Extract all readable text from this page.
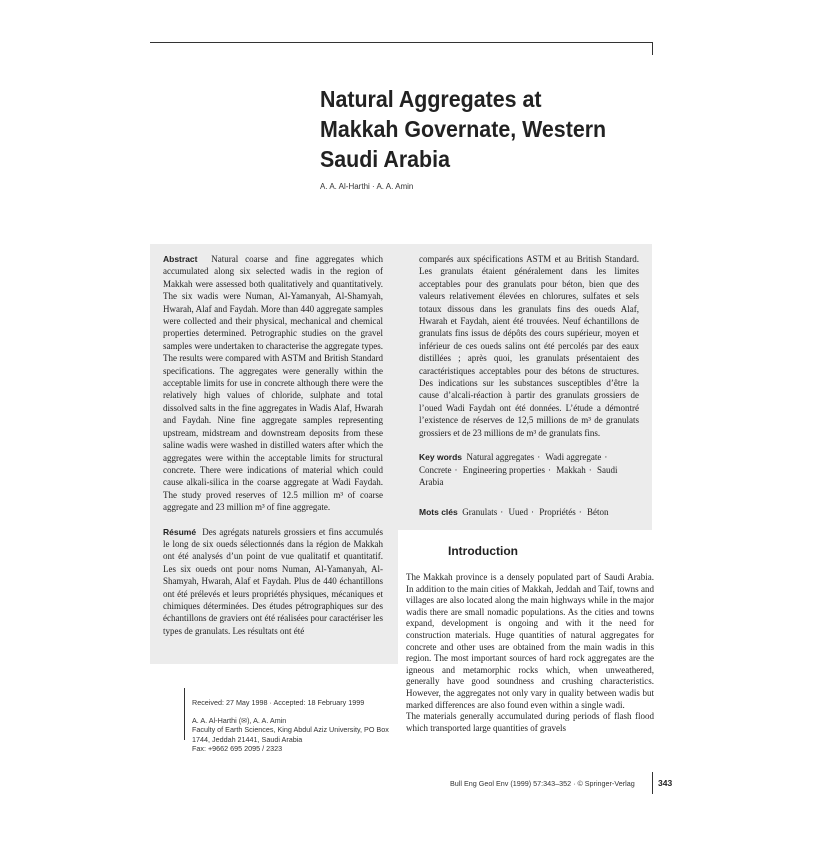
Natural Aggregates at
Makkah Governate, Western
Saudi Arabia
A. A. Al-Harthi · A. A. Amin

Abstract Natural coarse and fine aggregates which accumulated along six selected wadis in the region of Makkah were assessed both qualitatively and quantitatively. The six wadis were Numan, Al-Yamanyah, Al-Shamyah, Hwarah, Alaf and Faydah. More than 440 aggregate samples were collected and their physical, mechanical and chemical properties determined. Petrographic studies on the gravel samples were undertaken to characterise the aggregate types. The results were compared with ASTM and British Standard specifications. The aggregates were generally within the acceptable limits for use in concrete although there were the relatively high values of chloride, sulphate and total dissolved salts in the fine aggregates in Wadis Alaf, Hwarah and Faydah. Nine fine aggregate samples representing upstream, midstream and downstream deposits from these saline wadis were washed in distilled waters after which the aggregates were within the acceptable limits for structural concrete. There were indications of material which could cause alkali-silica in the coarse aggregate at Wadi Faydah. The study proved reserves of 12.5 million m³ of coarse aggregate and 23 million m³ of fine aggregate.

Résumé Des agrégats naturels grossiers et fins accumulés le long de six oueds sélectionnés dans la région de Makkah ont été analysés d’un point de vue qualitatif et quantitatif. Les six oueds ont pour noms Numan, Al-Yamanyah, Al-Shamyah, Hwarah, Alaf et Faydah. Plus de 440 échantillons ont été prélevés et leurs propriétés physiques, mécaniques et chimiques déterminées. Des études pétrographiques sur des échantillons de graviers ont été réalisées pour caractériser les types de granulats. Les résultats ont été

comparés aux spécifications ASTM et au British Standard. Les granulats étaient généralement dans les limites acceptables pour des granulats pour béton, bien que des valeurs relativement élevées en chlorures, sulfates et sels totaux dissous dans les granulats fins des oueds Alaf, Hwarah et Faydah, aient été trouvées. Neuf échantillons de granulats fins issus de dépôts des cours supérieur, moyen et inférieur de ces oueds salins ont été percolés par des eaux distillées ; après quoi, les granulats présentaient des caractéristiques acceptables pour des bétons de structures. Des indications sur les substances susceptibles d’être la cause d’alcali-réaction à partir des granulats grossiers de l’oued Wadi Faydah ont été données. L’étude a démontré l’existence de réserves de 12,5 millions de m³ de granulats grossiers et de 23 millions de m³ de granulats fins.

Key words Natural aggregates · Wadi aggregate · Concrete · Engineering properties · Makkah · Saudi Arabia
Mots clés Granulats · Uued · Propriétés · Béton
Introduction
The Makkah province is a densely populated part of Saudi Arabia. In addition to the main cities of Makkah, Jeddah and Taif, towns and villages are also located along the main highways while in the major wadis there are small nomadic populations. As the cities and towns expand, development is ongoing and with it the need for construction materials. Huge quantities of natural aggregates for concrete and other uses are obtained from the main wadis in this region. The most important sources of hard rock aggregates are the igneous and metamorphic rocks which, when unweathered, generally have good soundness and crushing characteristics. However, the aggregates not only vary in quality between wadis but marked differences are also found even within a single wadi.
The materials generally accumulated during periods of flash flood which transported large quantities of gravels
Received: 27 May 1998 · Accepted: 18 February 1999
A. A. Al-Harthi (✉), A. A. Amin
Faculty of Earth Sciences, King Abdul Aziz University, PO Box
1744, Jeddah 21441, Saudi Arabia
Fax: +9662 695 2095 / 2323
Bull Eng Geol Env (1999) 57:343–352 · © Springer-Verlag	343
